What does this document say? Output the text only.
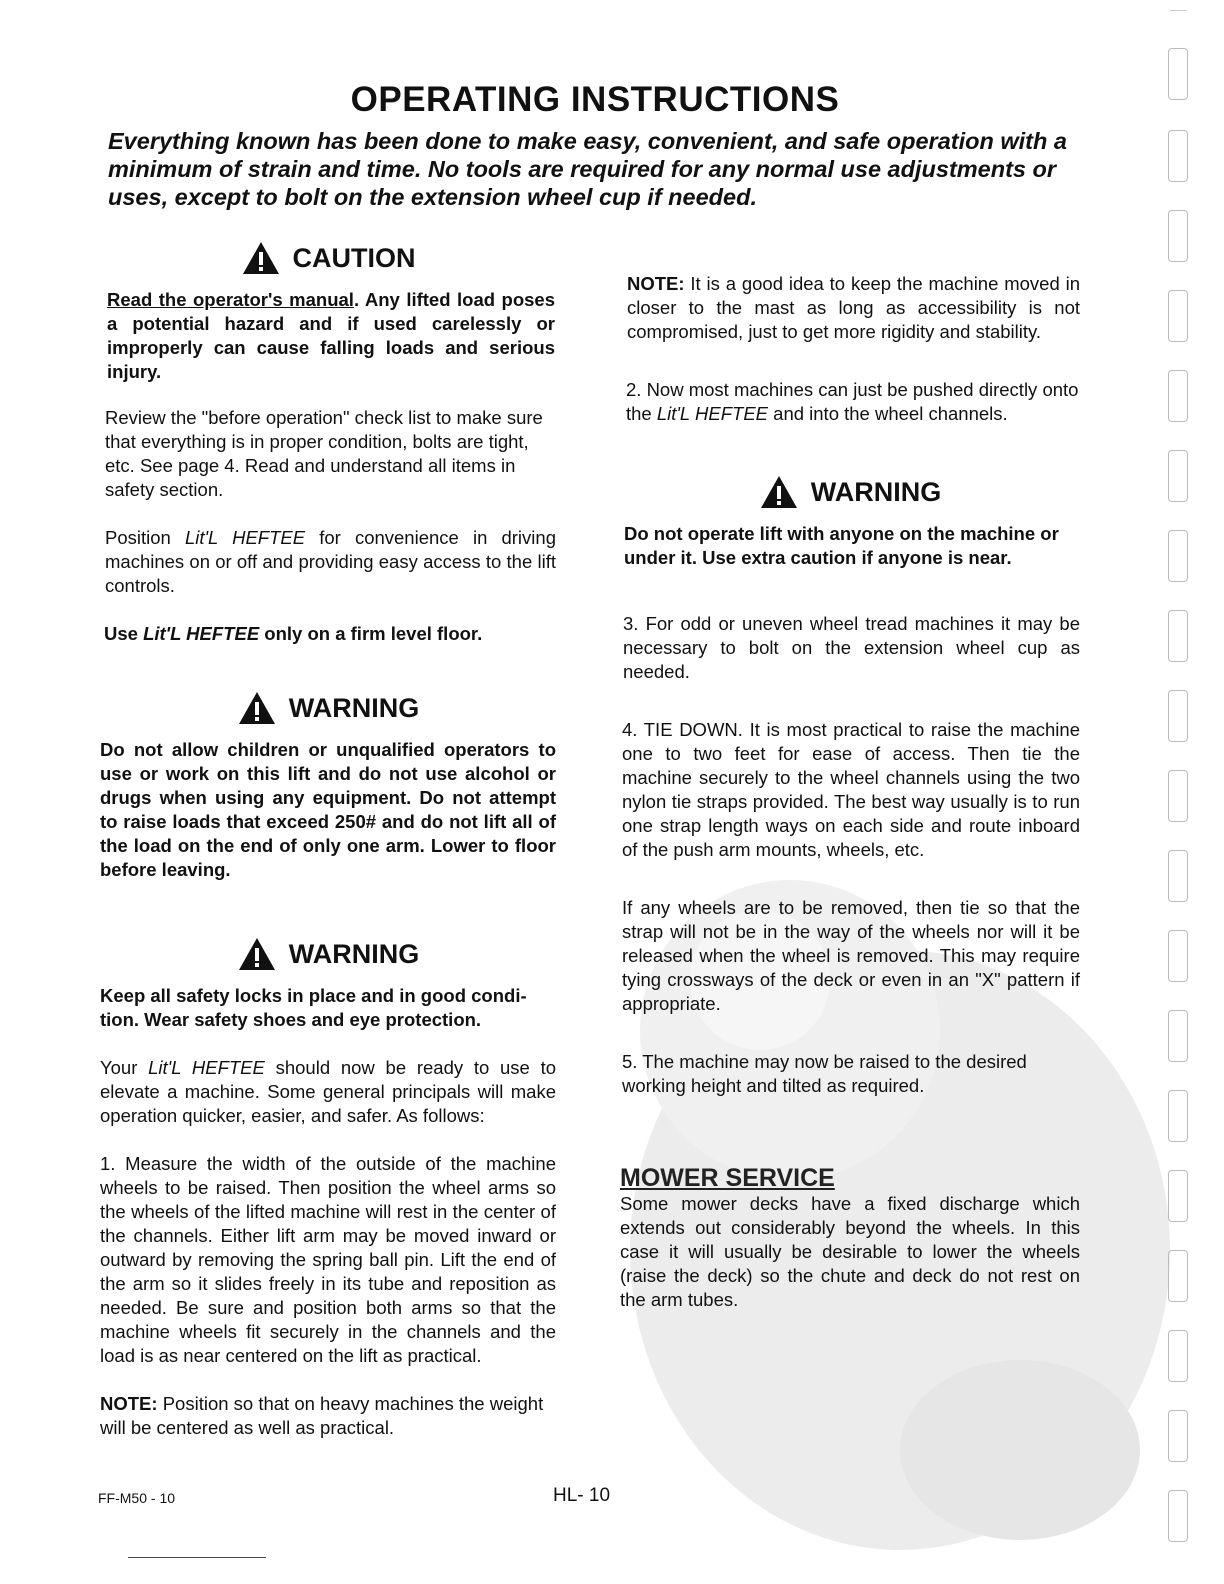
OPERATING INSTRUCTIONS
Everything known has been done to make easy, convenient, and safe operation with a minimum of strain and time. No tools are required for any normal use adjustments or uses, except to bolt on the extension wheel cup if needed.
CAUTION

Read the operator's manual. Any lifted load poses a potential hazard and if used carelessly or improperly can cause falling loads and serious injury.

Review the "before operation" check list to make sure that everything is in proper condition, bolts are tight, etc. See page 4. Read and understand all items in safety section.

Position Lit'L HEFTEE for convenience in driving machines on or off and providing easy access to the lift controls.

Use Lit'L HEFTEE only on a firm level floor.

WARNING

Do not allow children or unqualified operators to use or work on this lift and do not use alcohol or drugs when using any equipment. Do not attempt to raise loads that exceed 250# and do not lift all of the load on the end of only one arm. Lower to floor before leaving.

WARNING

Keep all safety locks in place and in good condi-tion. Wear safety shoes and eye protection.

Your Lit'L HEFTEE should now be ready to use to elevate a machine. Some general principals will make operation quicker, easier, and safer. As follows:

1. Measure the width of the outside of the machine wheels to be raised. Then position the wheel arms so the wheels of the lifted machine will rest in the center of the channels. Either lift arm may be moved inward or outward by removing the spring ball pin. Lift the end of the arm so it slides freely in its tube and reposition as needed. Be sure and position both arms so that the machine wheels fit securely in the channels and the load is as near centered on the lift as practical.

NOTE: Position so that on heavy machines the weight will be centered as well as practical.

NOTE: It is a good idea to keep the machine moved in closer to the mast as long as accessibility is not compromised, just to get more rigidity and stability.

2. Now most machines can just be pushed directly onto the Lit'L HEFTEE and into the wheel channels.

WARNING

Do not operate lift with anyone on the machine or under it. Use extra caution if anyone is near.

3. For odd or uneven wheel tread machines it may be necessary to bolt on the extension wheel cup as needed.

4. TIE DOWN. It is most practical to raise the machine one to two feet for ease of access. Then tie the machine securely to the wheel channels using the two nylon tie straps provided. The best way usually is to run one strap length ways on each side and route inboard of the push arm mounts, wheels, etc.

If any wheels are to be removed, then tie so that the strap will not be in the way of the wheels nor will it be released when the wheel is removed. This may require tying crossways of the deck or even in an "X" pattern if appropriate.

5. The machine may now be raised to the desired working height and tilted as required.

MOWER SERVICE

Some mower decks have a fixed discharge which extends out considerably beyond the wheels. In this case it will usually be desirable to lower the wheels (raise the deck) so the chute and deck do not rest on the arm tubes.

FF-M50 - 10	HL- 10
